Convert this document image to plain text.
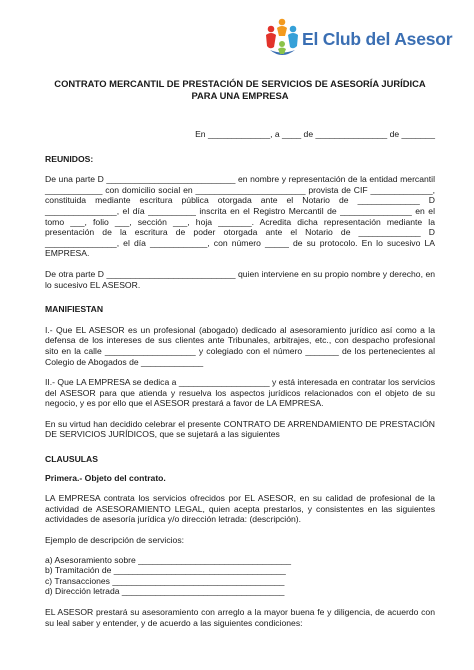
El Club del Asesor

CONTRATO MERCANTIL DE PRESTACIÓN DE SERVICIOS DE ASESORÍA JURÍDICA
PARA UNA EMPRESA

En _____________, a ____ de _______________ de _______
REUNIDOS:
De una parte D ___________________________ en nombre y representación de la entidad mercantil ____________ con domicilio social en _______________________ provista de CIF _____________, constituida mediante escritura pública otorgada ante el Notario de _____________ D _______________, el día __________ inscrita en el Registro Mercantil de _______________ en el tomo ___, folio ___, sección ___, hoja _______. Acredita dicha representación mediante la presentación de la escritura de poder otorgada ante el Notario de _____________ D _______________, el día ____________, con número _____ de su protocolo. En lo sucesivo LA EMPRESA.
De otra parte D ___________________________ quien interviene en su propio nombre y derecho, en lo sucesivo EL ASESOR.
MANIFIESTAN
I.- Que EL ASESOR es un profesional (abogado) dedicado al asesoramiento jurídico así como a la defensa de los intereses de sus clientes ante Tribunales, arbitrajes, etc., con despacho profesional sito en la calle ___________________ y colegiado con el número _______ de los pertenecientes al Colegio de Abogados de _____________
II.- Que LA EMPRESA se dedica a ___________________ y está interesada en contratar los servicios del ASESOR para que atienda y resuelva los aspectos jurídicos relacionados con el objeto de su negocio, y es por ello que el ASESOR prestará a favor de LA EMPRESA.
En su virtud han decidido celebrar el presente CONTRATO DE ARRENDAMIENTO DE PRESTACIÓN DE SERVICIOS JURÍDICOS, que se sujetará a las siguientes
CLAUSULAS
Primera.- Objeto del contrato.
LA EMPRESA contrata los servicios ofrecidos por EL ASESOR, en su calidad de profesional de la actividad de ASESORAMIENTO LEGAL, quien acepta prestarlos, y consistentes en las siguientes actividades de asesoría jurídica y/o dirección letrada: (descripción).
Ejemplo de descripción de servicios:
a) Asesoramiento sobre ________________________________
b) Tramitación de ____________________________________
c) Transacciones ____________________________________
d) Dirección letrada __________________________________
EL ASESOR prestará su asesoramiento con arreglo a la mayor buena fe y diligencia, de acuerdo con su leal saber y entender, y de acuerdo a las siguientes condiciones:
